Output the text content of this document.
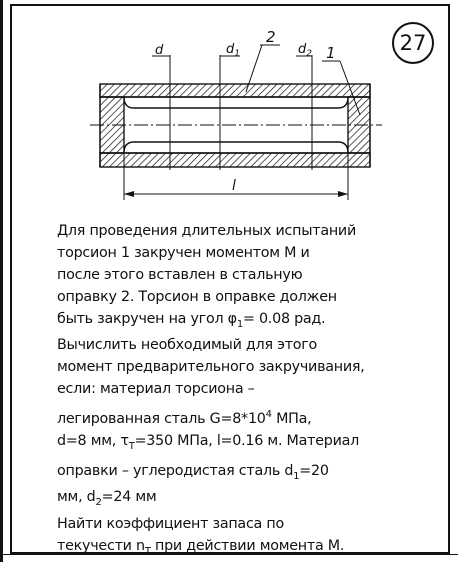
27
d	$d_1$	$d_2$
2
1
l
Для проведения длительных испытаний
торсион 1 закручен моментом М и
после этого вставлен в стальную
оправку 2. Торсион в оправке должен
быть закручен на угол $\varphi_1= 0.08$ рад.
Вычислить необходимый для этого
момент предварительного закручивания,
если: материал торсиона –
легированная сталь $G=8*10^4$ МПа,
d=8 мм, $\tau_T=350$ МПа, l=0.16 м. Материал
оправки – углеродистая сталь $d_1=20$
мм, $d_2=24$ мм
Найти коэффициент запаса по
текучести $n_T$ при действии момента М.
